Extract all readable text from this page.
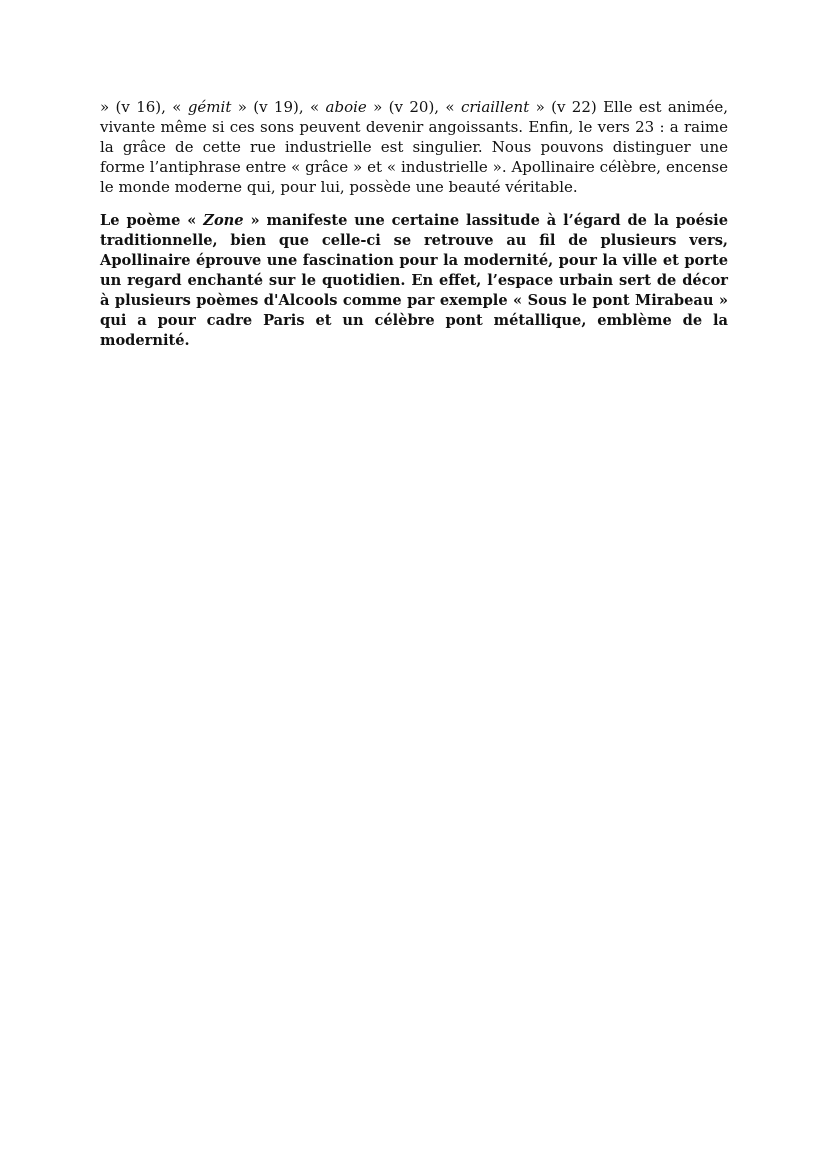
» (v 16), « gémit » (v 19), « aboie » (v 20), « criaillent » (v 22) Elle est animée, vivante même si ces sons peuvent devenir angoissants. Enfin, le vers 23 : a raime la grâce de cette rue industrielle est singulier. Nous pouvons distinguer une forme l’antiphrase entre « grâce » et « industrielle ». Apollinaire célèbre, encense le monde moderne qui, pour lui, possède une beauté véritable.

Le poème « Zone » manifeste une certaine lassitude à l’égard de la poésie traditionnelle, bien que celle-ci se retrouve au fil de plusieurs vers, Apollinaire éprouve une fascination pour la modernité, pour la ville et porte un regard enchanté sur le quotidien. En effet, l’espace urbain sert de décor à plusieurs poèmes d'Alcools comme par exemple « Sous le pont Mirabeau » qui a pour cadre Paris et un célèbre pont métallique, emblème de la modernité.
